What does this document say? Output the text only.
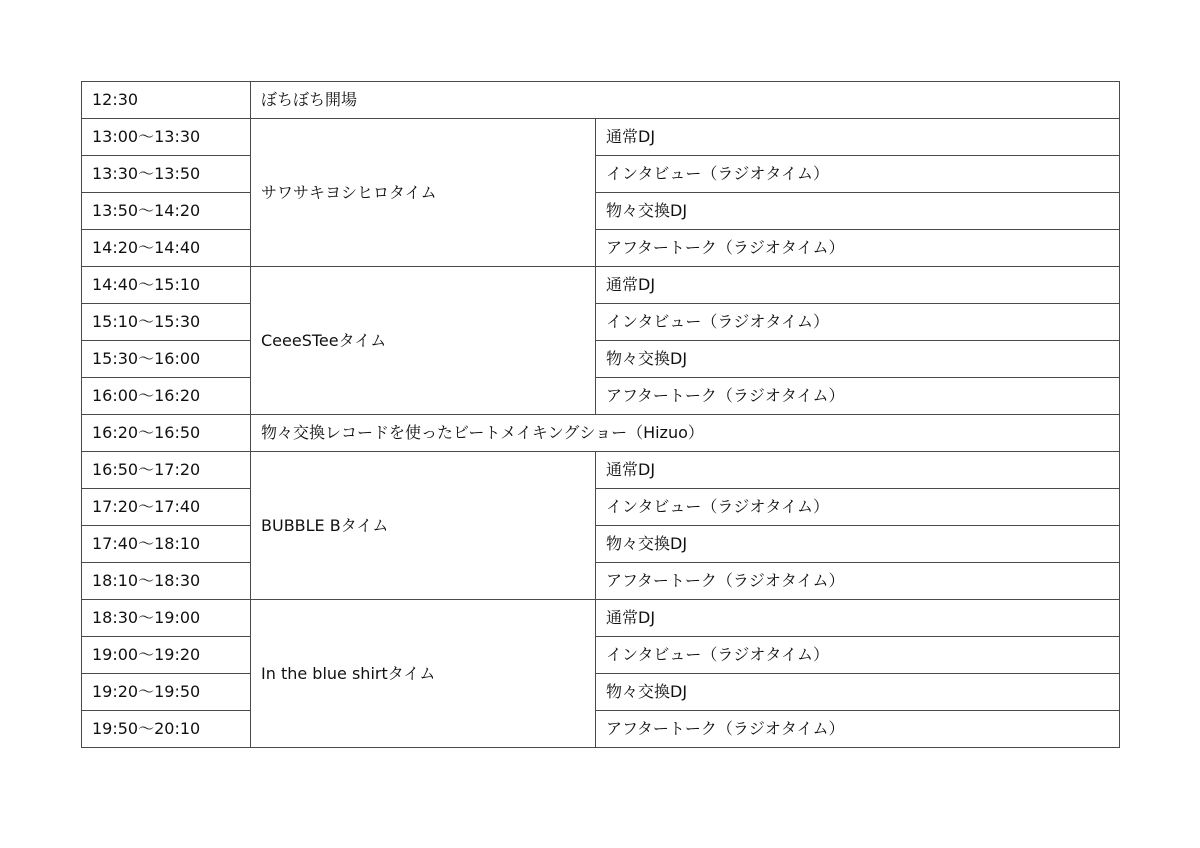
12:30	ぼちぼち開場	
13:00〜13:30	サワサキヨシヒロタイム	通常DJ
13:30〜13:50		インタビュー（ラジオタイム）
13:50〜14:20		物々交換DJ
14:20〜14:40		アフタートーク（ラジオタイム）
14:40〜15:10	CeeeSTeeタイム	通常DJ
15:10〜15:30		インタビュー（ラジオタイム）
15:30〜16:00		物々交換DJ
16:00〜16:20		アフタートーク（ラジオタイム）
16:20〜16:50	物々交換レコードを使ったビートメイキングショー（Hizuo）	
16:50〜17:20	BUBBLE Bタイム	通常DJ
17:20〜17:40		インタビュー（ラジオタイム）
17:40〜18:10		物々交換DJ
18:10〜18:30		アフタートーク（ラジオタイム）
18:30〜19:00	In the blue shirtタイム	通常DJ
19:00〜19:20		インタビュー（ラジオタイム）
19:20〜19:50		物々交換DJ
19:50〜20:10		アフタートーク（ラジオタイム）
